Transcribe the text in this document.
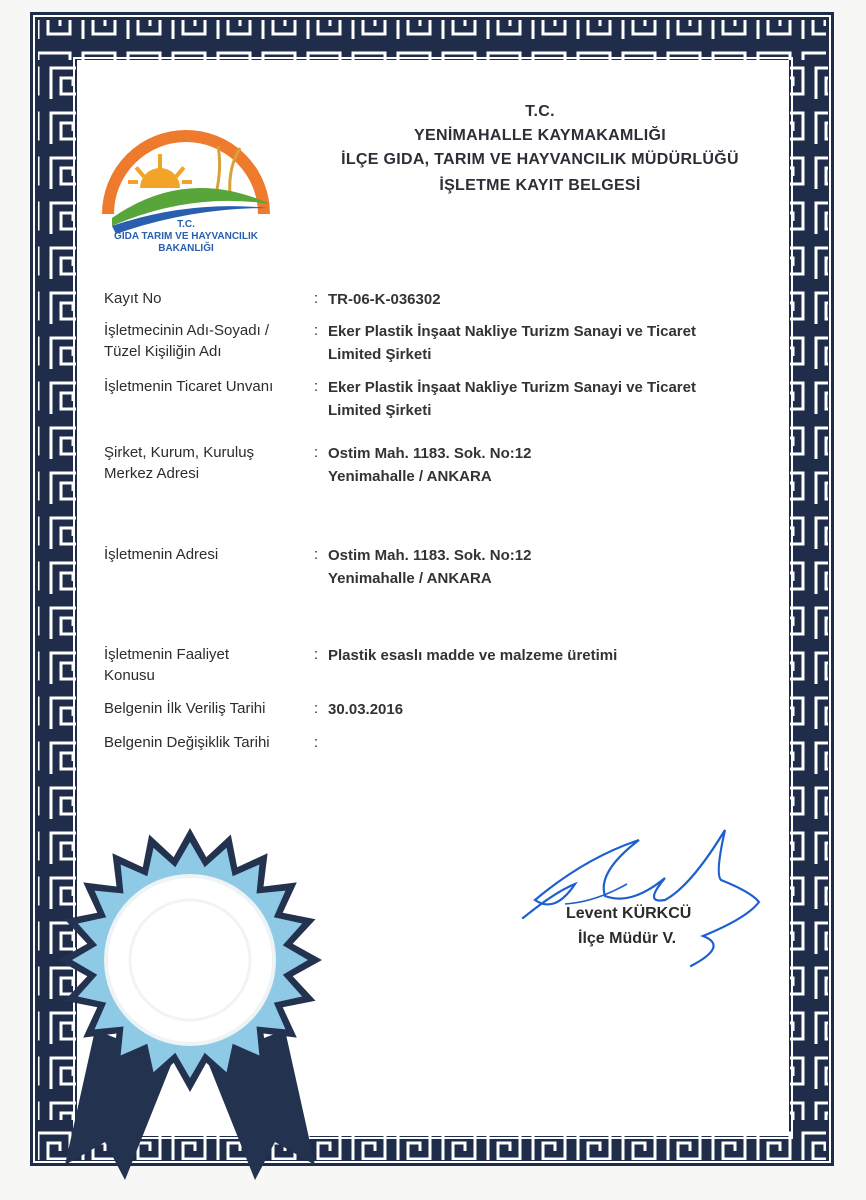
T.C.
GIDA TARIM VE HAYVANCILIK
BAKANLIĞI
T.C.
YENİMAHALLE KAYMAKAMLIĞI
İLÇE GIDA, TARIM VE HAYVANCILIK MÜDÜRLÜĞÜ
İŞLETME KAYIT BELGESİ
Kayıt No	: TR-06-K-036302
İşletmecinin Adı-Soyadı /
Tüzel Kişiliğin Adı
: Eker Plastik İnşaat Nakliye Turizm Sanayi ve Ticaret
Limited Şirketi
İşletmenin Ticaret Unvanı	: Eker Plastik İnşaat Nakliye Turizm Sanayi ve Ticaret
Limited Şirketi
Şirket, Kurum, Kuruluş
Merkez Adresi
: Ostim Mah. 1183. Sok. No:12
Yenimahalle / ANKARA
İşletmenin Adresi	: Ostim Mah. 1183. Sok. No:12
Yenimahalle / ANKARA
İşletmenin Faaliyet
Konusu
: Plastik esaslı madde ve malzeme üretimi
Belgenin İlk Veriliş Tarihi	: 30.03.2016
Belgenin Değişiklik Tarihi	:
Levent KÜRKCÜ
İlçe Müdür V.
